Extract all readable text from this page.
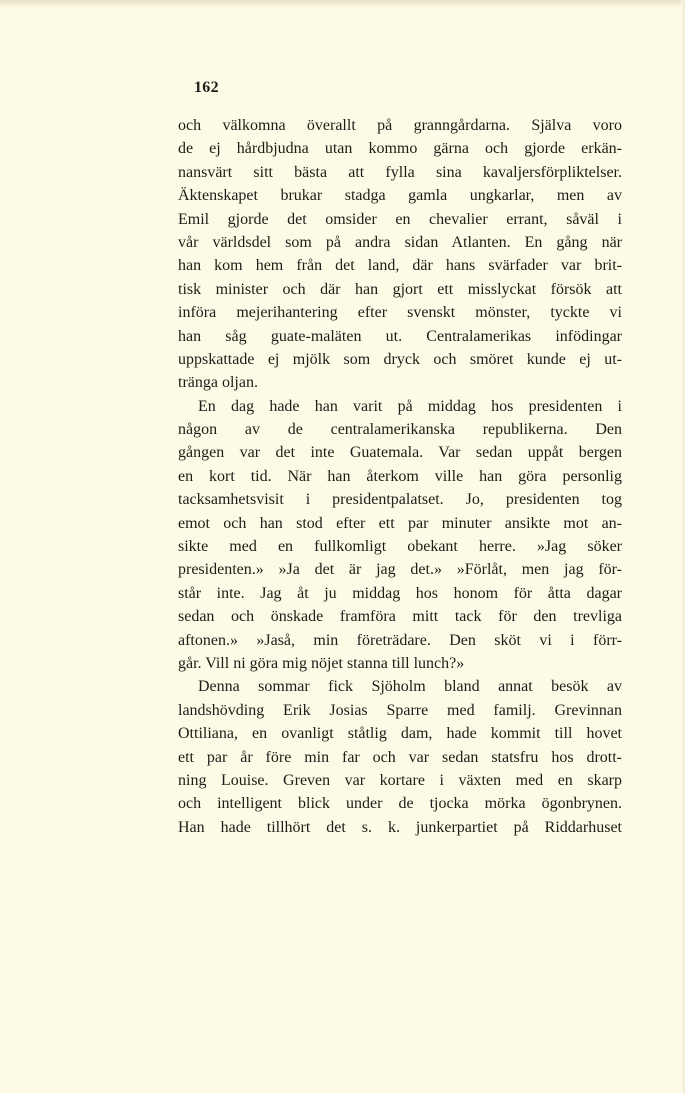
162
och välkomna överallt på granngårdarna. Själva voro
de ej hårdbjudna utan kommo gärna och gjorde erkän-
nansvärt sitt bästa att fylla sina kavaljersförpliktelser.
Äktenskapet brukar stadga gamla ungkarlar, men av
Emil gjorde det omsider en chevalier errant, såväl i
vår världsdel som på andra sidan Atlanten. En gång när
han kom hem från det land, där hans svärfader var brit-
tisk minister och där han gjort ett misslyckat försök att
införa mejerihantering efter svenskt mönster, tyckte vi
han såg guate-maläten ut. Centralamerikas infödingar
uppskattade ej mjölk som dryck och smöret kunde ej ut-
tränga oljan.
En dag hade han varit på middag hos presidenten i
någon av de centralamerikanska republikerna. Den
gången var det inte Guatemala. Var sedan uppåt bergen
en kort tid. När han återkom ville han göra personlig
tacksamhetsvisit i presidentpalatset. Jo, presidenten tog
emot och han stod efter ett par minuter ansikte mot an-
sikte med en fullkomligt obekant herre. »Jag söker
presidenten.» »Ja det är jag det.» »Förlåt, men jag för-
står inte. Jag åt ju middag hos honom för åtta dagar
sedan och önskade framföra mitt tack för den trevliga
aftonen.» »Jaså, min företrädare. Den sköt vi i förr-
går. Vill ni göra mig nöjet stanna till lunch?»
Denna sommar fick Sjöholm bland annat besök av
landshövding Erik Josias Sparre med familj. Grevinnan
Ottiliana, en ovanligt ståtlig dam, hade kommit till hovet
ett par år före min far och var sedan statsfru hos drott-
ning Louise. Greven var kortare i växten med en skarp
och intelligent blick under de tjocka mörka ögonbrynen.
Han hade tillhört det s. k. junkerpartiet på Riddarhuset
